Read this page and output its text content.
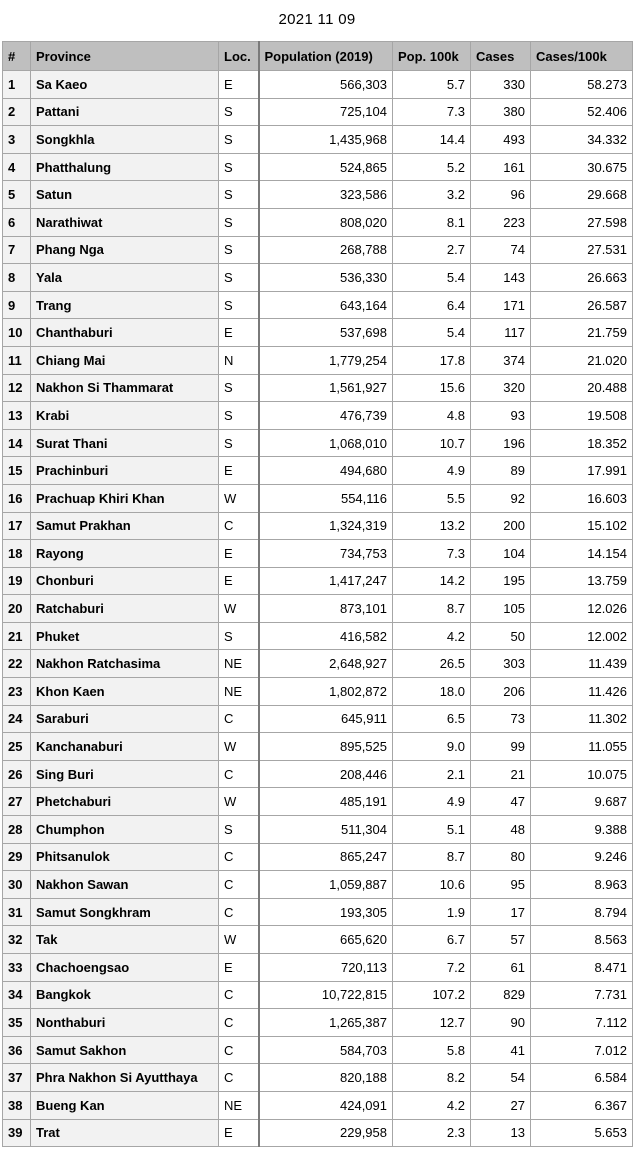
2021 11 09
#	Province	Loc.	Population (2019)	Pop. 100k	Cases	Cases/100k
1	Sa Kaeo	E	566,303	5.7	330	58.273
2	Pattani	S	725,104	7.3	380	52.406
3	Songkhla	S	1,435,968	14.4	493	34.332
4	Phatthalung	S	524,865	5.2	161	30.675
5	Satun	S	323,586	3.2	96	29.668
6	Narathiwat	S	808,020	8.1	223	27.598
7	Phang Nga	S	268,788	2.7	74	27.531
8	Yala	S	536,330	5.4	143	26.663
9	Trang	S	643,164	6.4	171	26.587
10	Chanthaburi	E	537,698	5.4	117	21.759
11	Chiang Mai	N	1,779,254	17.8	374	21.020
12	Nakhon Si Thammarat	S	1,561,927	15.6	320	20.488
13	Krabi	S	476,739	4.8	93	19.508
14	Surat Thani	S	1,068,010	10.7	196	18.352
15	Prachinburi	E	494,680	4.9	89	17.991
16	Prachuap Khiri Khan	W	554,116	5.5	92	16.603
17	Samut Prakhan	C	1,324,319	13.2	200	15.102
18	Rayong	E	734,753	7.3	104	14.154
19	Chonburi	E	1,417,247	14.2	195	13.759
20	Ratchaburi	W	873,101	8.7	105	12.026
21	Phuket	S	416,582	4.2	50	12.002
22	Nakhon Ratchasima	NE	2,648,927	26.5	303	11.439
23	Khon Kaen	NE	1,802,872	18.0	206	11.426
24	Saraburi	C	645,911	6.5	73	11.302
25	Kanchanaburi	W	895,525	9.0	99	11.055
26	Sing Buri	C	208,446	2.1	21	10.075
27	Phetchaburi	W	485,191	4.9	47	9.687
28	Chumphon	S	511,304	5.1	48	9.388
29	Phitsanulok	C	865,247	8.7	80	9.246
30	Nakhon Sawan	C	1,059,887	10.6	95	8.963
31	Samut Songkhram	C	193,305	1.9	17	8.794
32	Tak	W	665,620	6.7	57	8.563
33	Chachoengsao	E	720,113	7.2	61	8.471
34	Bangkok	C	10,722,815	107.2	829	7.731
35	Nonthaburi	C	1,265,387	12.7	90	7.112
36	Samut Sakhon	C	584,703	5.8	41	7.012
37	Phra Nakhon Si Ayutthaya	C	820,188	8.2	54	6.584
38	Bueng Kan	NE	424,091	4.2	27	6.367
39	Trat	E	229,958	2.3	13	5.653
